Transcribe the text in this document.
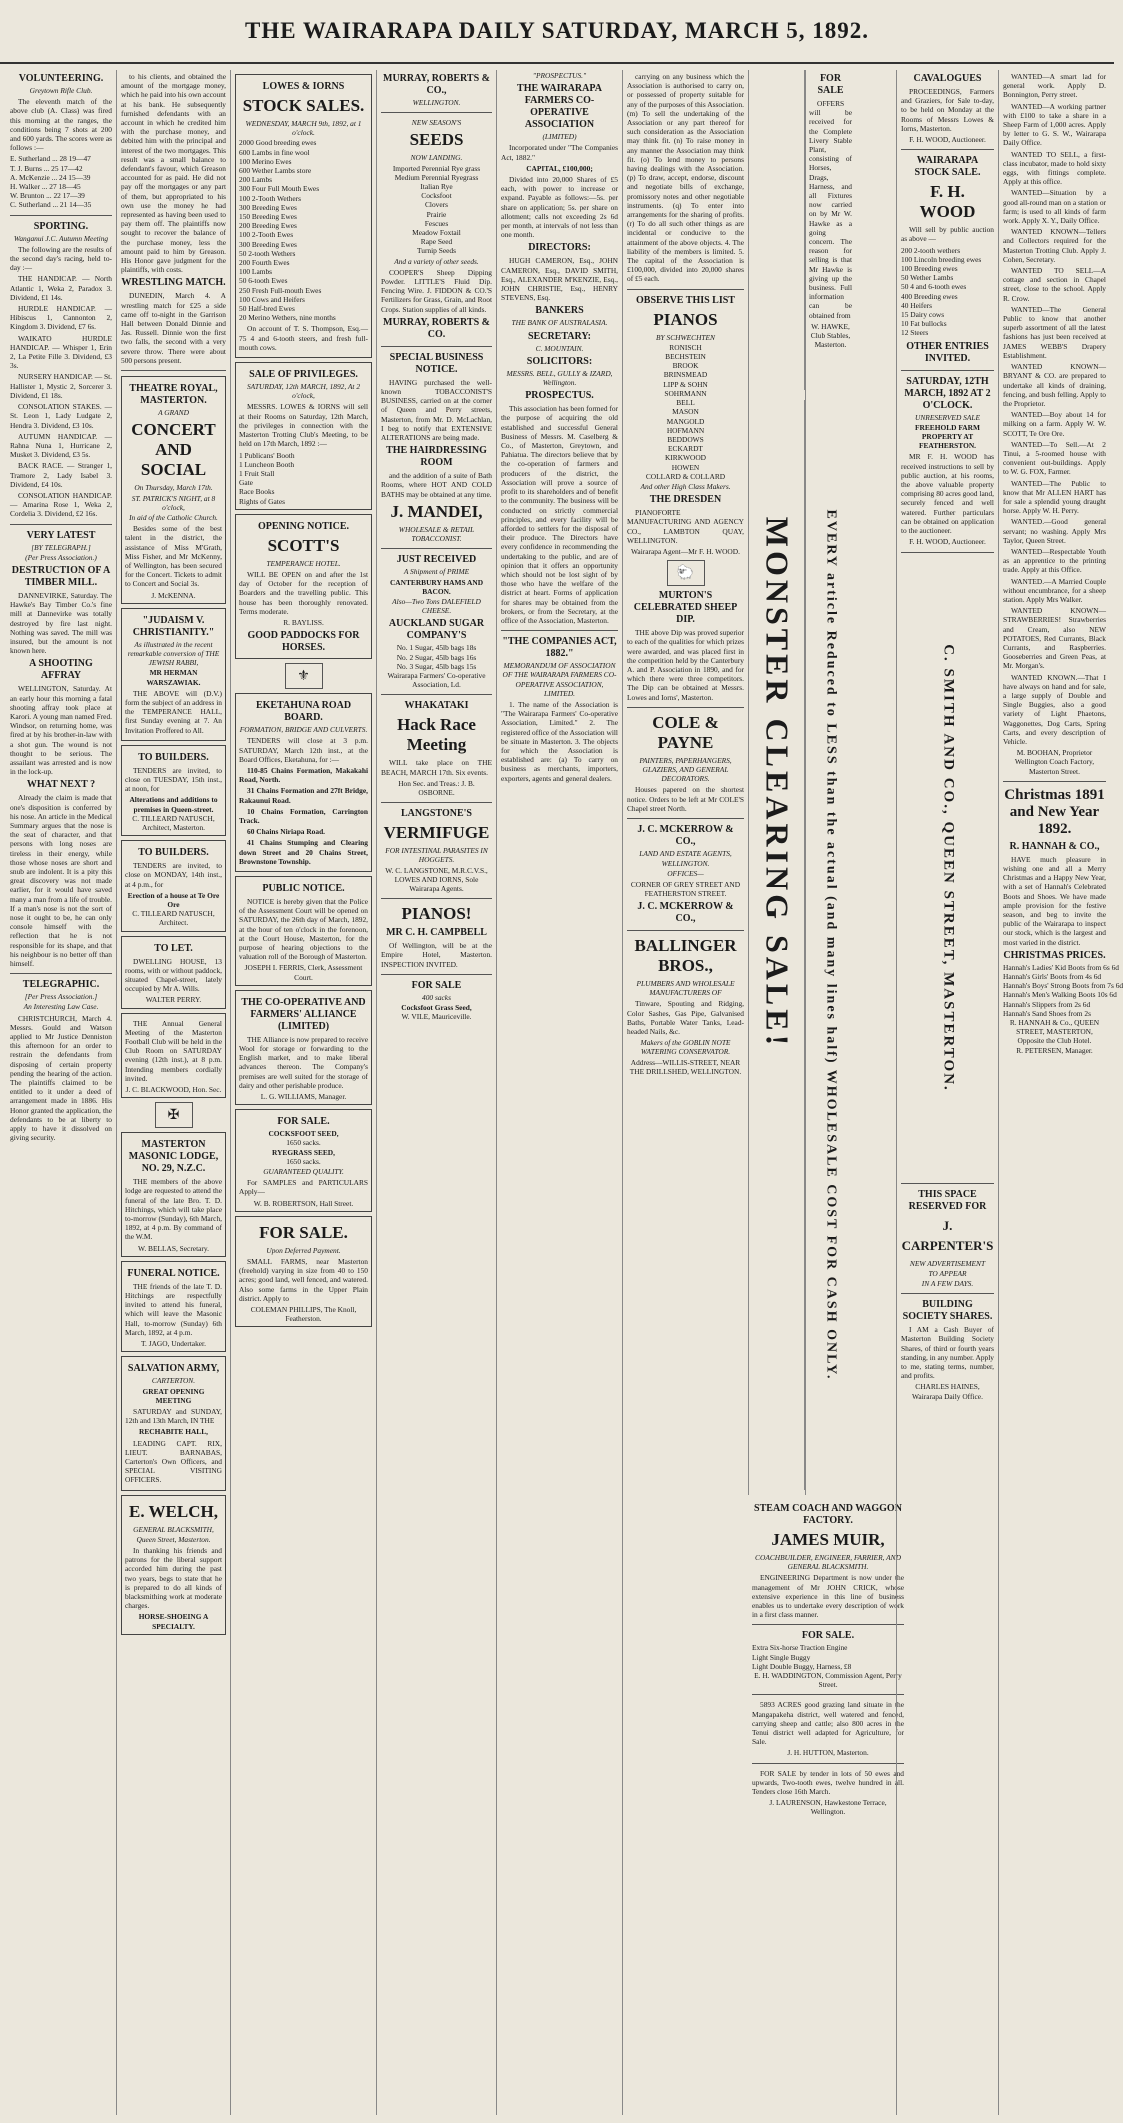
THE WAIRARAPA DAILY SATURDAY, MARCH 5, 1892.
VOLUNTEERING.
Greytown Rifle Club.
The eleventh match of the above club (A. Class) was fired this morning at the ranges, the conditions being 7 shots at 200 and 600 yards. The scores were as follows :—
E. Sutherland ... 28 19—47
T. J. Burns ... 25 17—42
A. McKenzie ... 24 15—39
H. Walker ... 27 18—45
W. Brunton ... 22 17—39
C. Sutherland ... 21 14—35
SPORTING.
Wanganui J.C. Autumn Meeting
The following are the results of the second day's racing, held to-day :—
THE HANDICAP. — North Atlantic 1, Weka 2, Paradox 3. Dividend, £1 14s.
HURDLE HANDICAP. — Hibiscus 1, Cannonton 2, Kingdom 3. Dividend, £7 6s.
WAIKATO HURDLE HANDICAP. — Whisper 1, Erin 2, La Petite Fille 3. Dividend, £3 3s.
NURSERY HANDICAP. — St. Hallister 1, Mystic 2, Sorcerer 3. Dividend, £1 18s.
CONSOLATION STAKES. — St. Leon 1, Lady Ludgate 2, Hendra 3. Dividend, £3 10s.
AUTUMN HANDICAP. — Rahna Nuna 1, Hurricane 2, Musket 3. Dividend, £3 5s.
BACK RACE. — Stranger 1, Tramore 2, Lady Isabel 3. Dividend, £4 10s.
CONSOLATION HANDICAP. — Amarina Rose 1, Weka 2, Cordelia 3. Dividend, £2 16s.
VERY LATEST
[BY TELEGRAPH.]
(Per Press Association.)
DESTRUCTION OF A TIMBER MILL.
DANNEVIRKE, Saturday. The Hawke's Bay Timber Co.'s fine mill at Dannevirke was totally destroyed by fire last night. Nothing was saved. The mill was insured, but the amount is not known here.
A SHOOTING AFFRAY
WELLINGTON, Saturday. At an early hour this morning a fatal shooting affray took place at Karori. A young man named Fred. Windsor, on returning home, was fired at by his brother-in-law with a shot gun. The wound is not thought to be serious. The assailant was arrested and is now in the lock-up.
WHAT NEXT ?
Already the claim is made that one's disposition is conferred by his nose. An article in the Medical Summary argues that the nose is the seat of character, and that persons with long noses are tireless in their energy, while those whose noses are short and snub are indolent. It is a pity this great discovery was not made earlier, for it would have saved many a man from a life of trouble. If a man's nose is not the sort of nose it ought to be, he can only console himself with the reflection that he is not responsible for its shape, and that his neighbour is no better off than himself.
TELEGRAPHIC.
[Per Press Association.]
An Interesting Law Case.
CHRISTCHURCH, March 4. Messrs. Gould and Watson applied to Mr Justice Denniston this afternoon for an order to restrain the defendants from disposing of certain property pending the hearing of the action. The plaintiffs claimed to be entitled to it under a deed of arrangement made in 1886. His Honor granted the application, the defendants to be at liberty to apply to have it dissolved on giving security.
to his clients, and obtained the amount of the mortgage money, which he paid into his own account at his bank. He subsequently furnished defendants with an account in which he credited him with the purchase money, and debited him with the principal and interest of the two mortgages. This result was a small balance to defendant's favour, which Greason accounted for as paid. He did not pay off the mortgages or any part of them, but appropriated to his own use the money he had represented as having been used to pay them off. The plaintiffs now sought to recover the balance of the purchase money, less the amount paid to him by Greason. His Honor gave judgment for the plaintiffs, with costs.
WRESTLING MATCH.
DUNEDIN, March 4. A wrestling match for £25 a side came off to-night in the Garrison Hall between Donald Dinnie and Jas. Russell. Dinnie won the first two falls, the second with a very severe throw. There were about 500 persons present.
THEATRE ROYAL, MASTERTON.
A GRAND
CONCERT AND SOCIAL
On Thursday, March 17th.
ST. PATRICK'S NIGHT, at 8 o'clock,
In aid of the Catholic Church.
Besides some of the best talent in the district, the assistance of Miss M'Grath, Miss Fisher, and Mr McKenny, of Wellington, has been secured for the Concert. Tickets to admit to Concert and Social 3s.
J. McKENNA.
"JUDAISM V. CHRISTIANITY."
As illustrated in the recent remarkable conversion of THE JEWISH RABBI,
MR HERMAN WARSZAWIAK.
THE ABOVE will (D.V.) form the subject of an address in the TEMPERANCE HALL, first Sunday evening at 7. An Invitation Proffered to All.
TO BUILDERS.
TENDERS are invited, to close on TUESDAY, 15th inst., at noon, for
Alterations and additions to premises in Queen-street.
C. TILLEARD NATUSCH, Architect, Masterton.
TO BUILDERS.
TENDERS are invited, to close on MONDAY, 14th inst., at 4 p.m., for
Erection of a house at Te Ore Ore
C. TILLEARD NATUSCH, Architect.
TO LET.
DWELLING HOUSE, 13 rooms, with or without paddock, situated Chapel-street, lately occupied by Mr A. Wills.
WALTER PERRY.
THE Annual General Meeting of the Masterton Football Club will be held in the Club Room on SATURDAY evening (12th inst.), at 8 p.m. Intending members cordially invited.
J. C. BLACKWOOD, Hon. Sec.
✠
MASTERTON MASONIC LODGE, NO. 29, N.Z.C.
THE members of the above lodge are requested to attend the funeral of the late Bro. T. D. Hitchings, which will take place to-morrow (Sunday), 6th March, 1892, at 4 p.m. By command of the W.M.
W. BELLAS, Secretary.
FUNERAL NOTICE.
THE friends of the late T. D. Hitchings are respectfully invited to attend his funeral, which will leave the Masonic Hall, to-morrow (Sunday) 6th March, 1892, at 4 p.m.
T. JAGO, Undertaker.
SALVATION ARMY,
CARTERTON.
GREAT OPENING MEETING
SATURDAY and SUNDAY, 12th and 13th March, IN THE
RECHABITE HALL,
LEADING CAPT. RIX, LIEUT. BARNABAS, Carterton's Own Officers, and SPECIAL VISITING OFFICERS.
E. WELCH,
GENERAL BLACKSMITH,
Queen Street, Masterton.
In thanking his friends and patrons for the liberal support accorded him during the past two years, begs to state that he is prepared to do all kinds of blacksmithing work at moderate charges.
HORSE-SHOEING A SPECIALTY.
LOWES & IORNS
STOCK SALES.
WEDNESDAY, MARCH 9th, 1892, at 1 o'clock.
2000 Good breeding ewes
600 Lambs in fine wool
100 Merino Ewes
600 Wether Lambs store
200 Lambs
300 Four Full Mouth Ewes
100 2-Tooth Wethers
300 Breeding Ewes
150 Breeding Ewes
200 Breeding Ewes
100 2-Tooth Ewes
300 Breeding Ewes
50 2-tooth Wethers
200 Fourth Ewes
100 Lambs
50 6-tooth Ewes
250 Fresh Full-mouth Ewes
100 Cows and Heifers
50 Half-bred Ewes
20 Merino Wethers, nine months
On account of T. S. Thompson, Esq.—75 4 and 6-tooth steers, and fresh full-mouth cows.
SALE OF PRIVILEGES.
SATURDAY, 12th MARCH, 1892, At 2 o'clock,
MESSRS. LOWES & IORNS will sell at their Rooms on Saturday, 12th March, the privileges in connection with the Masterton Trotting Club's Meeting, to be held on 17th March, 1892 :—
1 Publicans' Booth
1 Luncheon Booth
1 Fruit Stall
Gate
Race Books
Rights of Gates
OPENING NOTICE.
SCOTT'S
TEMPERANCE HOTEL.
WILL BE OPEN on and after the 1st day of October for the reception of Boarders and the travelling public. This house has been thoroughly renovated. Terms moderate.
R. BAYLISS.
GOOD PADDOCKS FOR HORSES.
⚜
EKETAHUNA ROAD BOARD.
FORMATION, BRIDGE AND CULVERTS.
TENDERS will close at 3 p.m. SATURDAY, March 12th inst., at the Board Offices, Eketahuna, for :—
110-85 Chains Formation, Makakahi Road, North.
31 Chains Formation and 27ft Bridge, Rakaunui Road.
10 Chains Formation, Carrington Track.
60 Chains Niriapa Road.
41 Chains Stumping and Clearing down Street and 20 Chains Street, Brownstone Township.
PUBLIC NOTICE.
NOTICE is hereby given that the Police of the Assessment Court will be opened on SATURDAY, the 26th day of March, 1892, at the hour of ten o'clock in the forenoon, at the Court House, Masterton, for the purpose of hearing objections to the valuation roll of the Borough of Masterton.
JOSEPH I. FERRIS, Clerk, Assessment Court.
THE CO-OPERATIVE AND FARMERS' ALLIANCE (LIMITED)
THE Alliance is now prepared to receive Wool for storage or forwarding to the English market, and to make liberal advances thereon. The Company's premises are well suited for the storage of dairy and other perishable produce.
L. G. WILLIAMS, Manager.
FOR SALE.
COCKSFOOT SEED,
1650 sacks.
RYEGRASS SEED,
1650 sacks.
GUARANTEED QUALITY.
For SAMPLES and PARTICULARS Apply—
W. B. ROBERTSON, Hall Street.
FOR SALE.
Upon Deferred Payment.
SMALL FARMS, near Masterton (freehold) varying in size from 40 to 150 acres; good land, well fenced, and watered. Also some farms in the Upper Plain district. Apply to
COLEMAN PHILLIPS, The Knoll, Featherston.
MURRAY, ROBERTS & CO.,
WELLINGTON.
NEW SEASON'S
SEEDS
NOW LANDING.
Imported Perennial Rye grass
Medium Perennial Ryegrass
Italian Rye
Cocksfoot
Clovers
Prairie
Fescues
Meadow Foxtail
Rape Seed
Turnip Seeds
And a variety of other seeds.
COOPER'S Sheep Dipping Powder. LITTLE'S Fluid Dip. Fencing Wire. J. FIDDON & CO.'S Fertilizers for Grass, Grain, and Root Crops. Station supplies of all kinds.
MURRAY, ROBERTS & CO.
SPECIAL BUSINESS NOTICE.
HAVING purchased the well-known TOBACCONIST'S BUSINESS, carried on at the corner of Queen and Perry streets, Masterton, from Mr. D. McLachlan, I beg to notify that EXTENSIVE ALTERATIONS are being made.
THE HAIRDRESSING ROOM
and the addition of a suite of Bath Rooms, where HOT AND COLD BATHS may be obtained at any time.
J. MANDEI,
WHOLESALE & RETAIL TOBACCONIST.
JUST RECEIVED
A Shipment of PRIME
CANTERBURY HAMS AND BACON.
Also—Two Tons DALEFIELD CHEESE.
AUCKLAND SUGAR COMPANY'S
No. 1 Sugar, 45lb bags 18s
No. 2 Sugar, 45lb bags 16s
No. 3 Sugar, 45lb bags 15s
Wairarapa Farmers' Co-operative Association, Ld.
WHAKATAKI
Hack Race Meeting
WILL take place on THE BEACH, MARCH 17th. Six events.
Hon Sec. and Treas.: J. B. OSBORNE.
LANGSTONE'S
VERMIFUGE
FOR INTESTINAL PARASITES IN HOGGETS.
W. C. LANGSTONE, M.R.C.V.S., LOWES AND IORNS, Sole Wairarapa Agents.
PIANOS!
MR C. H. CAMPBELL
Of Wellington, will be at the Empire Hotel, Masterton. INSPECTION INVITED.
FOR SALE
400 sacks
Cocksfoot Grass Seed,
W. VILE, Mauriceville.
"PROSPECTUS."
THE WAIRARAPA FARMERS CO-OPERATIVE ASSOCIATION
(LIMITED)
Incorporated under "The Companies Act, 1882."
CAPITAL, £100,000;
Divided into 20,000 Shares of £5 each, with power to increase or expand. Payable as follows:—5s. per share on application; 5s. per share on allotment; calls not exceeding 2s 6d per month, at intervals of not less than one month.
DIRECTORS:
HUGH CAMERON, Esq., JOHN CAMERON, Esq., DAVID SMITH, Esq., ALEXANDER M'KENZIE, Esq., JOHN CHRISTIE, Esq., HENRY STEVENS, Esq.
BANKERS
THE BANK OF AUSTRALASIA.
SECRETARY:
C. MOUNTAIN.
SOLICITORS:
MESSRS. BELL, GULLY & IZARD, Wellington.
PROSPECTUS.
This association has been formed for the purpose of acquiring the old established and successful General Business of Messrs. M. Caselberg & Co., of Masterton, Greytown, and Pahiatua. The directors believe that by the co-operation of farmers and producers of the district, the Association will prove a source of profit to its shareholders and of benefit to the community. The business will be conducted on strictly commercial principles, and every facility will be afforded to settlers for the disposal of their produce. The Directors have every confidence in recommending the undertaking to the public, and are of opinion that it offers an opportunity which should not be lost sight of by those who have the welfare of the district at heart. Forms of application for shares may be obtained from the brokers, or from the Secretary, at the office of the Association, Masterton.
"THE COMPANIES ACT, 1882."
MEMORANDUM OF ASSOCIATION OF THE WAIRARAPA FARMERS CO-OPERATIVE ASSOCIATION, LIMITED.
1. The name of the Association is "The Wairarapa Farmers' Co-operative Association, Limited." 2. The registered office of the Association will be situate in Masterton. 3. The objects for which the Association is established are: (a) To carry on business as merchants, importers, exporters, agents and general dealers.
carrying on any business which the Association is authorised to carry on, or possessed of property suitable for any of the purposes of this Association. (m) To sell the undertaking of the Association or any part thereof for such consideration as the Association may think fit. (n) To raise money in any manner the Association may think fit. (o) To lend money to persons having dealings with the Association. (p) To draw, accept, endorse, discount and negotiate bills of exchange, promissory notes and other negotiable instruments. (q) To enter into arrangements for the sharing of profits. (r) To do all such other things as are incidental or conducive to the attainment of the above objects. 4. The liability of the members is limited. 5. The capital of the Association is £100,000, divided into 20,000 shares of £5 each.
OBSERVE THIS LIST
PIANOS
BY SCHWECHTEN
RONISCH
BECHSTEIN
BROOK
BRINSMEAD
LIPP & SOHN
SOHRMANN
BELL
MASON
MANGOLD
HOFMANN
BEDDOWS
ECKARDT
KIRKWOOD
HOWEN
COLLARD & COLLARD
And other High Class Makers.
THE DRESDEN
PIANOFORTE MANUFACTURING AND AGENCY CO., LAMBTON QUAY, WELLINGTON.
Wairarapa Agent—Mr F. H. WOOD.
🐑
MURTON'S CELEBRATED SHEEP DIP.
THE above Dip was proved superior to each of the qualities for which prizes were awarded, and was placed first in the competition held by the Canterbury A. and P. Association in 1890, and for which there were three competitors. The Dip can be obtained at Messrs. Lowes and Iorns', Masterton.
COLE & PAYNE
PAINTERS, PAPERHANGERS, GLAZIERS, AND GENERAL DECORATORS.
Houses papered on the shortest notice. Orders to be left at Mr COLE'S Chapel street North.
J. C. MCKERROW & CO.,
LAND AND ESTATE AGENTS,
WELLINGTON.
OFFICES—
CORNER OF GREY STREET AND FEATHERSTON STREET.
J. C. MCKERROW & CO.,
BALLINGER BROS.,
PLUMBERS AND WHOLESALE MANUFACTURERS OF
Tinware, Spouting and Ridging, Color Sashes, Gas Pipe, Galvanised Baths, Portable Water Tanks, Lead-headed Nails, &c.
Makers of the GOBLIN NOTE WATERING CONSERVATOR.
Address—WILLIS-STREET, NEAR THE DRILLSHED, WELLINGTON.
MONSTER CLEARING SALE!
STEAM COACH AND WAGGON FACTORY.
JAMES MUIR,
COACHBUILDER, ENGINEER, FARRIER, AND GENERAL BLACKSMITH.
ENGINEERING Department is now under the management of Mr JOHN CRICK, whose extensive experience in this line of business enables us to undertake every description of work in a first class manner.
FOR SALE.
Extra Six-horse Traction Engine
Light Single Buggy
Light Double Buggy, Harness, £8
E. H. WADDINGTON, Commission Agent, Perry Street.
5893 ACRES good grazing land situate in the Mangapakeha district, well watered and fenced, carrying sheep and cattle; also 800 acres in the Tenui district well adapted for Agriculture, for Sale.
J. H. HUTTON, Masterton.
FOR SALE by tender in lots of 50 ewes and upwards, Two-tooth ewes, twelve hundred in all. Tenders close 16th March.
J. LAURENSON, Hawkestone Terrace, Wellington.
FOR SALE
OFFERS will be received for the Complete Livery Stable Plant, consisting of Horses, Drags, Harness, and all Fixtures now carried on by Mr W. Hawke as a going concern. The reason for selling is that Mr Hawke is giving up the business. Full information can be obtained from
W. HAWKE, Club Stables, Masterton.
EVERY article Reduced to LESS than the actual (and many lines half) WHOLESALE COST FOR CASH ONLY.
CAVALOGUES
PROCEEDINGS, Farmers and Graziers, for Sale to-day, to be held on Monday at the Rooms of Messrs Lowes & Iorns, Masterton.
F. H. WOOD, Auctioneer.
WAIRARAPA STOCK SALE.
F. H. WOOD
Will sell by public auction as above —
200 2-tooth wethers
100 Lincoln breeding ewes
100 Breeding ewes
50 Wether Lambs
50 4 and 6-tooth ewes
400 Breeding ewes
40 Heifers
15 Dairy cows
10 Fat bullocks
12 Steers
OTHER ENTRIES INVITED.
SATURDAY, 12TH MARCH, 1892 AT 2 O'CLOCK.
UNRESERVED SALE
FREEHOLD FARM PROPERTY AT FEATHERSTON.
MR F. H. WOOD has received instructions to sell by public auction, at his rooms, the above valuable property comprising 80 acres good land, securely fenced and well watered. Further particulars can be obtained on application to the auctioneer.
F. H. WOOD, Auctioneer.
C. SMITH AND CO., QUEEN STREET, MASTERTON.
THIS SPACE RESERVED FOR
J. CARPENTER'S
NEW ADVERTISEMENT
TO APPEAR
IN A FEW DAYS.
BUILDING SOCIETY SHARES.
I AM a Cash Buyer of Masterton Building Society Shares, of third or fourth years standing, in any number. Apply to me, stating terms, number, and profits.
CHARLES HAINES, Wairarapa Daily Office.
WANTED—A smart lad for general work. Apply D. Bonnington, Perry street.
WANTED—A working partner with £100 to take a share in a Sheep Farm of 1,000 acres. Apply by letter to G. S. W., Wairarapa Daily Office.
WANTED TO SELL, a first-class incubator, made to hold sixty eggs, with fittings complete. Apply at this office.
WANTED—Situation by a good all-round man on a station or farm; is used to all kinds of farm work. Apply X. Y., Daily Office.
WANTED KNOWN—Tellers and Collectors required for the Masterton Trotting Club. Apply J. Cohen, Secretary.
WANTED TO SELL—A cottage and section in Chapel street, close to the school. Apply R. Crow.
WANTED—The General Public to know that another superb assortment of all the latest fashions has just been received at JAMES WEBB'S Drapery Establishment.
WANTED KNOWN—BRYANT & CO. are prepared to undertake all kinds of draining, fencing, and bush felling. Apply to the Proprietor.
WANTED—Boy about 14 for milking on a farm. Apply W. W. SCOTT, Te Ore Ore.
WANTED—To Sell.—At 2 Tinui, a 5-roomed house with convenient out-buildings. Apply to W. G. FOX, Farmer.
WANTED—The Public to know that Mr ALLEN HART has for sale a splendid young draught horse. Apply W. H. Perry.
WANTED.—Good general servant; no washing. Apply Mrs Taylor, Queen Street.
WANTED—Respectable Youth as an apprentice to the printing trade. Apply at this Office.
WANTED.—A Married Couple without encumbrance, for a sheep station. Apply Mrs Walker.
WANTED KNOWN—STRAWBERRIES! Strawberries and Cream, also NEW POTATOES, Red Currants, Black Currants, and Raspberries. Gooseberries and Green Peas, at Mr. Morgan's.
WANTED KNOWN.—That I have always on hand and for sale, a large supply of Double and Single Buggies, also a good variety of Light Phaetons, Waggonettes, Dog Carts, Spring Carts, and every description of Vehicle.
M. BOOHAN, Proprietor Wellington Coach Factory, Masterton Street.
Christmas 1891 and New Year 1892.
R. HANNAH & CO.,
HAVE much pleasure in wishing one and all a Merry Christmas and a Happy New Year, with a set of Hannah's Celebrated Boots and Shoes. We have made ample provision for the festive season, and beg to invite the public of the Wairarapa to inspect our stock, which is the largest and most varied in the district.
CHRISTMAS PRICES.
Hannah's Ladies' Kid Boots from 6s 6d
Hannah's Girls' Boots from 4s 6d
Hannah's Boys' Strong Boots from 7s 6d
Hannah's Men's Walking Boots 10s 6d
Hannah's Slippers from 2s 6d
Hannah's Sand Shoes from 2s
R. HANNAH & Co., QUEEN STREET, MASTERTON, Opposite the Club Hotel.
R. PETERSEN, Manager.
